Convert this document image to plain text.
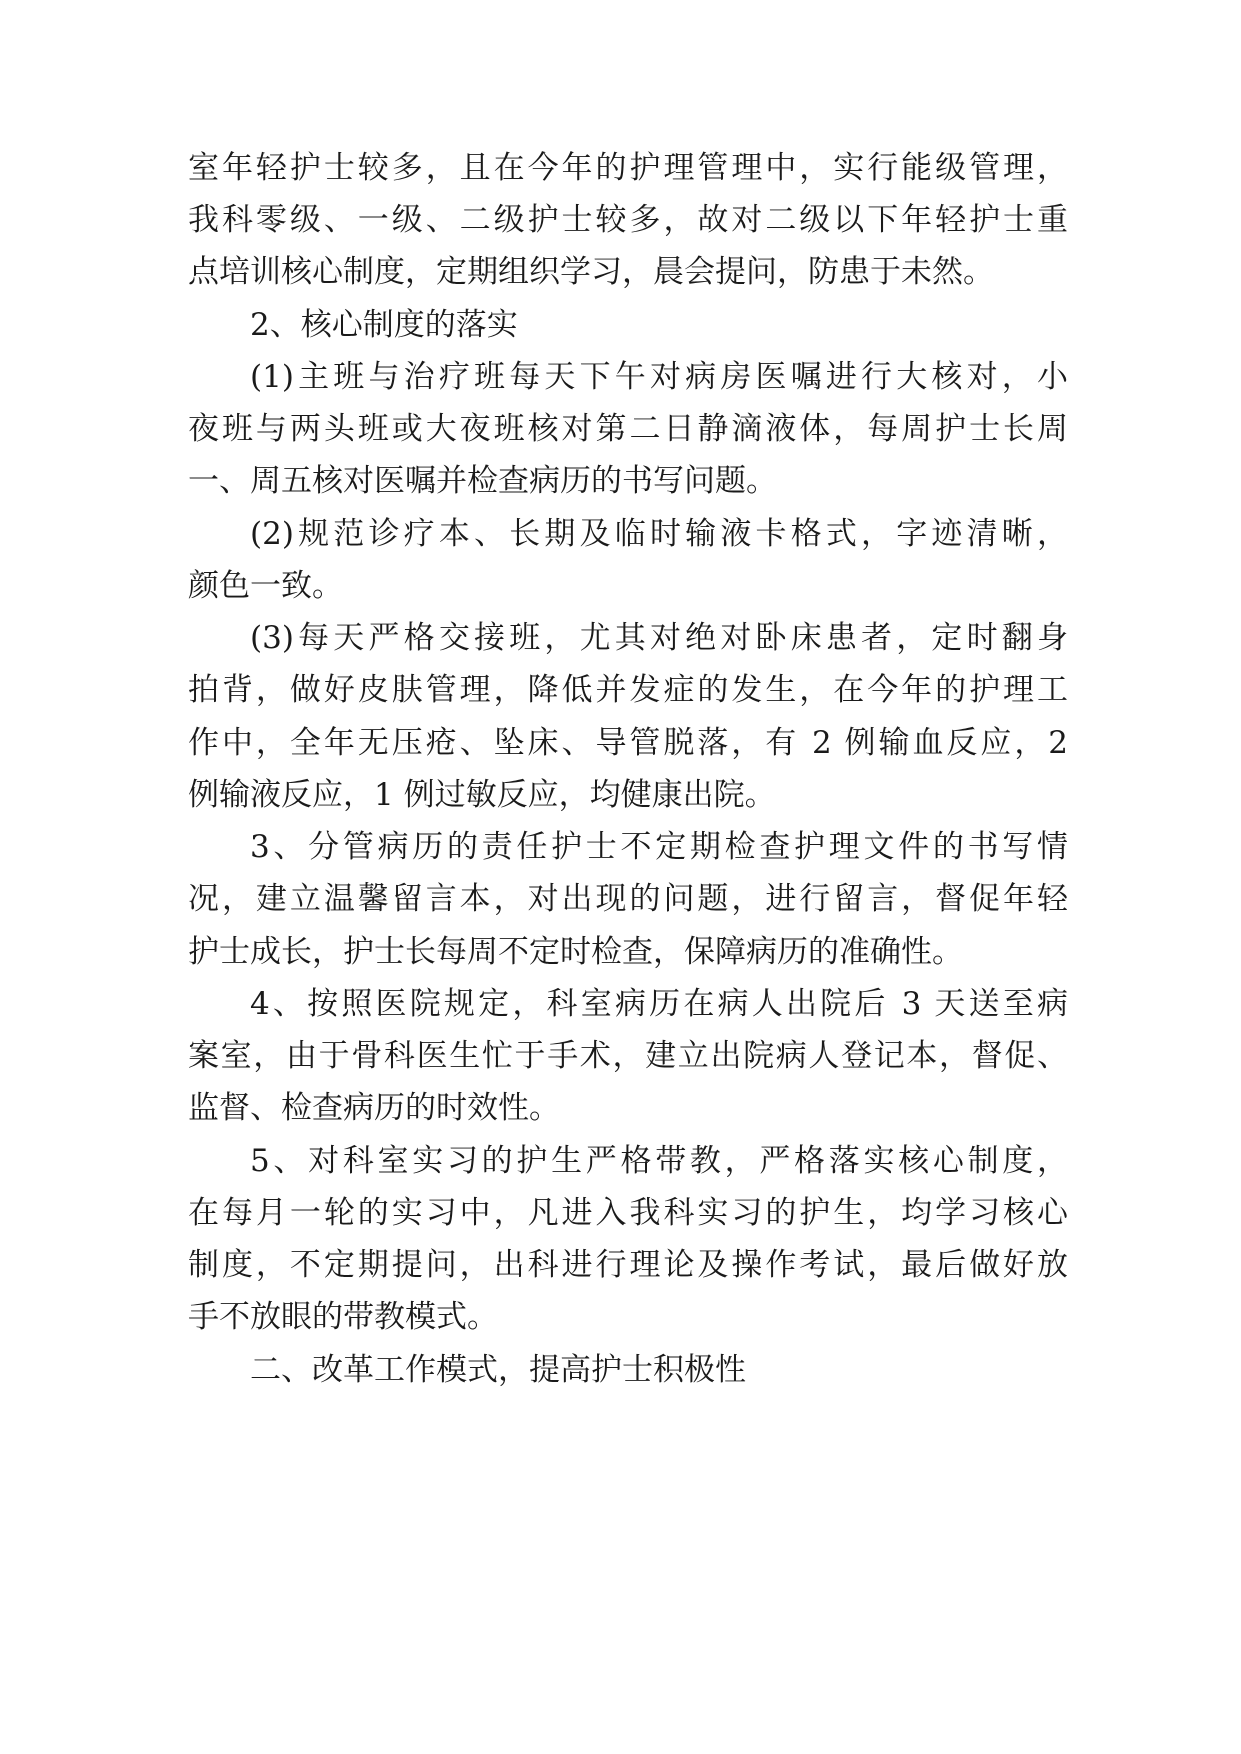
室年轻护士较多，且在今年的护理管理中，实行能级管理，
我科零级、一级、二级护士较多，故对二级以下年轻护士重
点培训核心制度，定期组织学习，晨会提问，防患于未然。
2、核心制度的落实
(1)主班与治疗班每天下午对病房医嘱进行大核对，小
夜班与两头班或大夜班核对第二日静滴液体，每周护士长周
一、周五核对医嘱并检查病历的书写问题。
(2)规范诊疗本、长期及临时输液卡格式，字迹清晰，
颜色一致。
(3)每天严格交接班，尤其对绝对卧床患者，定时翻身
拍背，做好皮肤管理，降低并发症的发生，在今年的护理工
作中，全年无压疮、坠床、导管脱落，有 2 例输血反应，2
例输液反应，1 例过敏反应，均健康出院。
3、分管病历的责任护士不定期检查护理文件的书写情
况，建立温馨留言本，对出现的问题，进行留言，督促年轻
护士成长，护士长每周不定时检查，保障病历的准确性。
4、按照医院规定，科室病历在病人出院后 3 天送至病
案室，由于骨科医生忙于手术，建立出院病人登记本，督促、
监督、检查病历的时效性。
5、对科室实习的护生严格带教，严格落实核心制度，
在每月一轮的实习中，凡进入我科实习的护生，均学习核心
制度，不定期提问，出科进行理论及操作考试，最后做好放
手不放眼的带教模式。
二、改革工作模式，提高护士积极性
